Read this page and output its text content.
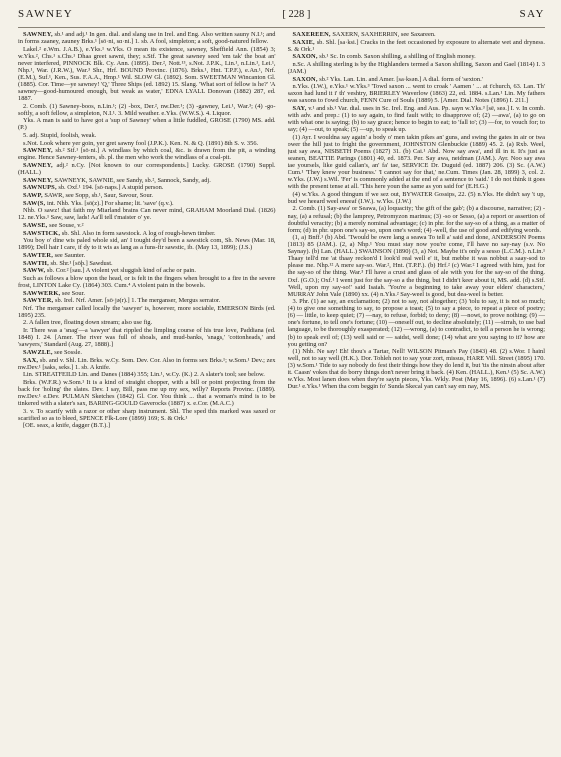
SAWNEY	[ 228 ]	SAY

SAWNEY, sb.¹ and adj.¹ In gen. dial. and slang use in Irel. and Eng. Also written sauny N.I.¹; and in forms zaaney, zauney Brks.¹ [sō·ni, sɑ·ni.] 1. sb. A fool, simpleton; a soft, good-natured fellow.

Lakel.² e.Wm. J.A.B.), e.Yks.¹ w.Yks. O mean its existence, sawney, Sheffield Ann. (1854) 3; w.Yks.², Chs.¹ s.Chs.¹ Dhaa greet sawni, they; s.Stf. The great sawney seed 'em tak' the boat an' never interfered, PINNOCK Blk. Cy. Ann. (1895). Der.², Nott.¹³, s.Not. J.P.K., Lin.¹, n.Lin.¹, Lei.¹, Nhp.¹, War. (J.R.W.), War.³ Shr., Hrf. BOUND Provinc. (1876). Brks.¹, Hnt. T.P.F.), e.An.¹, Nrf. (E.M.), Suf.¹, Ken., Sus. F.A.A., Hmp.¹ Wil. SLOW Gl. (1892). Som. SWEETMAN Wincanton Gl. (1885). Cor. Time—ye sawney! 'Q,' Three Ships (ed. 1892) 15. Slang. 'What sort of fellow is he?' 'A sawney—good-humoured enough, but weak as water,' EDNA LYALL Donovan (1882) 287, ed. 1887.

2. Comb. (1) Sawney-boos, n.Lin.¹; (2) -box, Der.², nw.Der.¹; (3) -gawney, Lei.¹, War.³; (4) -go-softly, a soft fellow, a simpleton, N.I.¹. 3. Mild weather. e.Yks. (W.W.S.). 4. Liquor.

Yks. A man is said to have got a 'sup of Sawney' when a little fuddled, GROSE (1790) MS. add. (P.)

5. adj. Stupid, foolish, weak.

s.Not. Look where yer goin, yer gret sawny fool (J.P.K.). Ken. N. & Q. (1891) 8th S. v. 356.

SAWNEY, sb.² Stf.¹ [sō·ni.] A windlass by which coal, &c. is drawn from the pit, a winding engine. Hence Sawney-tenters, sb. pl. the men who work the windlass of a coal-pit.

SAWNEY, adj.² n.Cy. [Not known to our correspondents.] Lucky. GROSE (1790) Suppl. (HALL.)

SAWNEY, SAWNEYK, SAWNIE, see Sandy, sb.², Sannock, Sandy, adj.

SAWNUPS, sb. Oxf.¹ 194. [sō·naps.] A stupid person.

SAWP, SAWR, see Sopp, sb.¹, Saur, Savour, Sour.

SAW(S, int. Nhb. Yks. [sō(z).] For shame; lit. 'save' (q.v.).

Nhb. O sawz! that faith my Miarland brains Can never mind, GRAHAM Moorland Dial. (1826) 12. ne.Yks.¹ Saw, saw, lads! Aa'll tell t'maister o' ye.

SAWSE, see Souse, v.²

SAWSTICK, sb. Shl. Also in form sawstock. A log of rough-hewn timber.

You boy o' dine wis paled whole sid, an' I tought dey'd been a sawstick com, Sh. News (Mar. 18, 1899); Dell hair I care, if dy to it wis as lang as a funs-fir sawstic, ib. (May 13, 1899); (J.S.)

SAWTER, see Saunter.

SAWTH, sb. Shr.¹ [sōþ.] Sawdust.

SAWW, sb. Cor.² [sau.] A violent yet sluggish kind of ache or pain.

Such as follows a blow upon the head, or is felt in the fingers when brought to a fire in the severe frost, LINTON Lake Cy. (1864) 303. Cum.⁴ A violent pain in the bowels.

SAWWERK, see Sour.

SAWYER, sb. Irel. Nrf. Amer. [sō·jə(r).] 1. The merganser, Mergus serrator.

Nrf. The merganser called locally the 'sawyer' is, however, more sociable, EMERSON Birds (ed. 1895) 235.

2. A fallen tree, floating down stream; also use fig.

Ir. There was a 'snag'—a 'sawyer' that rippled the limpling course of his true love, Paddiana (ed. 1848) I. 24. [Amer. The river was full of shoals, and mud-banks, 'snags,' 'cottonheads,' and 'sawyers,' Standard (Aug. 27, 1888).]

SAWZLE, see Sossle.

SAX, sb. and v. Shl. Lin. Brks. w.Cy. Som. Dev. Cor. Also in forms sex Brks.¹; w.Som.¹ Dev.; zex nw.Dev.¹ [saks, seks.] 1. sb. A knife.

Lin. STREATFEILD Lin. and Danes (1884) 355; Lin.¹, w.Cy. (K.) 2. A slater's tool; see below.

Brks. (W.F.R.) w.Som.¹ It is a kind of straight chopper, with a bill or point projecting from the back for 'holing' the slates. Dev. I say, Bill, pass me up my sex, willy? Reports Provinc. (1889). nw.Dev.¹ e.Dev. PULMAN Sketches (1842) Gl. Cor. You think ... that a woman's mind is to be tinkered with a slater's sax, BARING-GOULD Gaverocks (1887) x. e.Cor. (M.A.C.)

3. v. To scarify with a razor or other sharp instrument. Shl. The sped this marked was saxed or scarified so as to bleed, SPENCE Flk-Lore (1899) 169; S. & Ork.¹

[OE. seax, a knife, dagger (B.T.).]

SAXEREEN, SAXERN, SAXHERRIN, see Saxareen.

SAXIE, sb. Shl. [sa·ksi.] Cracks in the feet occasioned by exposure to alternate wet and dryness. S. & Ork.¹

SAXON, sb.¹ Sc. In comb. Saxon shilling, a shilling of English money.

n.Sc. A shilling sterling is by the Highlanders termed a Saxon shilling, Saxon and Gael (1814) I. 3 (JAM.)

SAXON, sb.² Yks. Lan. Lin. and Amer. [sa·ksən.] A dial. form of 'sexton.'

n.Yks. (I.W.), e.Yks.¹ w.Yks.³ 'Towd saxon ... went to croak ' Aamen ' ... at t'church, 63. Lan. Th' saxon had lund it i' th' veshtry, BRIERLEY Waverlow (1863) 22, ed. 1884. s.Lan.¹ Lin. My fathers was saxons to t'owd church, FENN Cure of Souls (1889) 5. [Amer. Dial. Notes (1896) I. 211.]

SAY, v.¹ and sb.¹ Var. dial. uses in Sc. Irel. Eng. and Aus. Pp. sayn w.Yks.³ [sē, seə.] I. v. In comb. with adv. and prep.: (1) to say again, to find fault with; to disapprove of; (2) —awa', (a) to go on with what one is saying; (b) to say grace; hence to begin to eat; to 'fall to'; (3) —for, to vouch for; to say; (4) —out, to speak; (5) —up, to speak up.

(1) Ayr. I wouldna say again' a body o' men takin pikes an' guns, and swing the gates in air or twa ower the hill just to fright the government, JOHNSTON Glenbuckie (1889) 45. 2. (a) Rxb. Weel, just say awa, NISBETH Poems (1827) 31. (b) Cai.¹ Abd. Now say awa', and ill in it. It's just as seanen, BEATTIE Parings (1801) 40, ed. 1873. Per. Say awa, neidman (JAM.). Ayr. Noo say awa tae yoursels, like guid callan's, an' fa' tae, SERVICE Dr. Duguid (ed. 1887) 206. (3) Sc. (A.W.) Cum.¹ 'They knew your business.' 'I cannot say for that,' ne.Cum. Times (Jan. 28, 1899) 3, col. 2. w.Yks. (J.W.) s.Wil. 'Fer' is commonly added at the end of a sentence to 'said.' I do not think it goes with the present tense at all. 'This here youn the same as yon said for' (E.H.G.)

(4) w.Yks. A good thingum if we sez out, BYWATER Gossips, 22. (5) n.Yks. He didn't say 't up, bud we heeard weel eneeaf (I.W.). w.Yks. (J.W.)

2. Comb. (1) Say-awa' or Seawa, (a) loquacity; 'the gift of the gab'; (b) a discourse, narrative; (2) -nay, (a) a refusal; (b) the lamprey, Petromyzon marinus; (3) -so or Sesso, (a) a report or assertion of doubtful veracity; (b) a merely nominal advantage; (c) in phr. for the say-so of a thing, as a matter of form; (d) in phr. upon one's say-so, upon one's word; (4) -well, the use of good and edifying words.

(1, a) Bnff.¹ (b) Abd. 'Twould be owre lang a seawa To tell a' said and done, ANDERSON Poems (1813) 85 (JAM.). (2, a) Nhp.¹ You must stay now you're come, I'll have no say-nay (s.v. No Saynay). (b) Lan. (HALL.) SWAINSON (1890) (3, a) Not. Maybe it's only a sesso (L.C.M.). n.Lin.¹ Thaay tell'd me 'at thaay reckon'd I look'd real well e' it, but mebbe it was nobbut a saay-sod to please me. Nhp.¹² A mere say-so. War.², Hnt. (T.P.F.). (b) Hrf.² (c) War.² I agreed with him, just for the say-so of the thing. War.³ I'll have a crust and glass of ale with you for the say-so of the thing. Oxf. (G.O.); Oxf.¹ I went just for the say-so a the thing, but I didn't keer about it, MS. add. (d) s.Stf. 'Well, upon my say-so!' said Isaiah. 'You're a beginning to take away your elders' characters,' MURRAY John Vale (1890) xx. (4) n.Yks.² Say-weel is good, but dea-weel is better.

3. Phr. (1) ae say, an exclamation; (2) not to say, not altogether; (3) 'tolu to say, it is not so much; (4) to give one something to say, to propose a toast; (5) to say a piece, to repeat a piece of poetry; (6) — little, to keep quiet; (7) —nay, to refuse, forbid; to deny; (8) —nowt, to prove nothing; (9) —one's fortune, to tell one's fortune; (10) —oneself out, to decline absolutely; (11) —sirrah, to use bad language, to be thoroughly exasperated; (12) —wrong, (a) to contradict, to tell a person he is wrong; (b) to speak evil of; (13) well said or — saidst, well done; (14) what are you saying to it? how are you getting on?

(1) Nhb. Ne say! Eh! thou's a Tartar, Nell! WILSON Pitman's Pay (1843) 48. (2) s.Wor. I hainl well, not to say well (H.K.). Dor. Tohleh not to say your zort, missus, HARE Vill. Street (1895) 170. (3) w.Som.¹ Tide to say nobody do fest their things how they do lend it, but 'tis the ninsin about after it. Caasn' vokes that do borry things don't never bring it back. (4) Ken. (HALL.), Ken.¹ (5) Sc. A.W.) w.Yks. Most lanen does when they're sayin pieces, Yks. Wkly. Post (May 16, 1896). (6) s.Lan.¹ (7) Dur.¹ e.Yks.¹ When tha com beggin fo' Sunda Skecal yan can't say em nay, MS.
